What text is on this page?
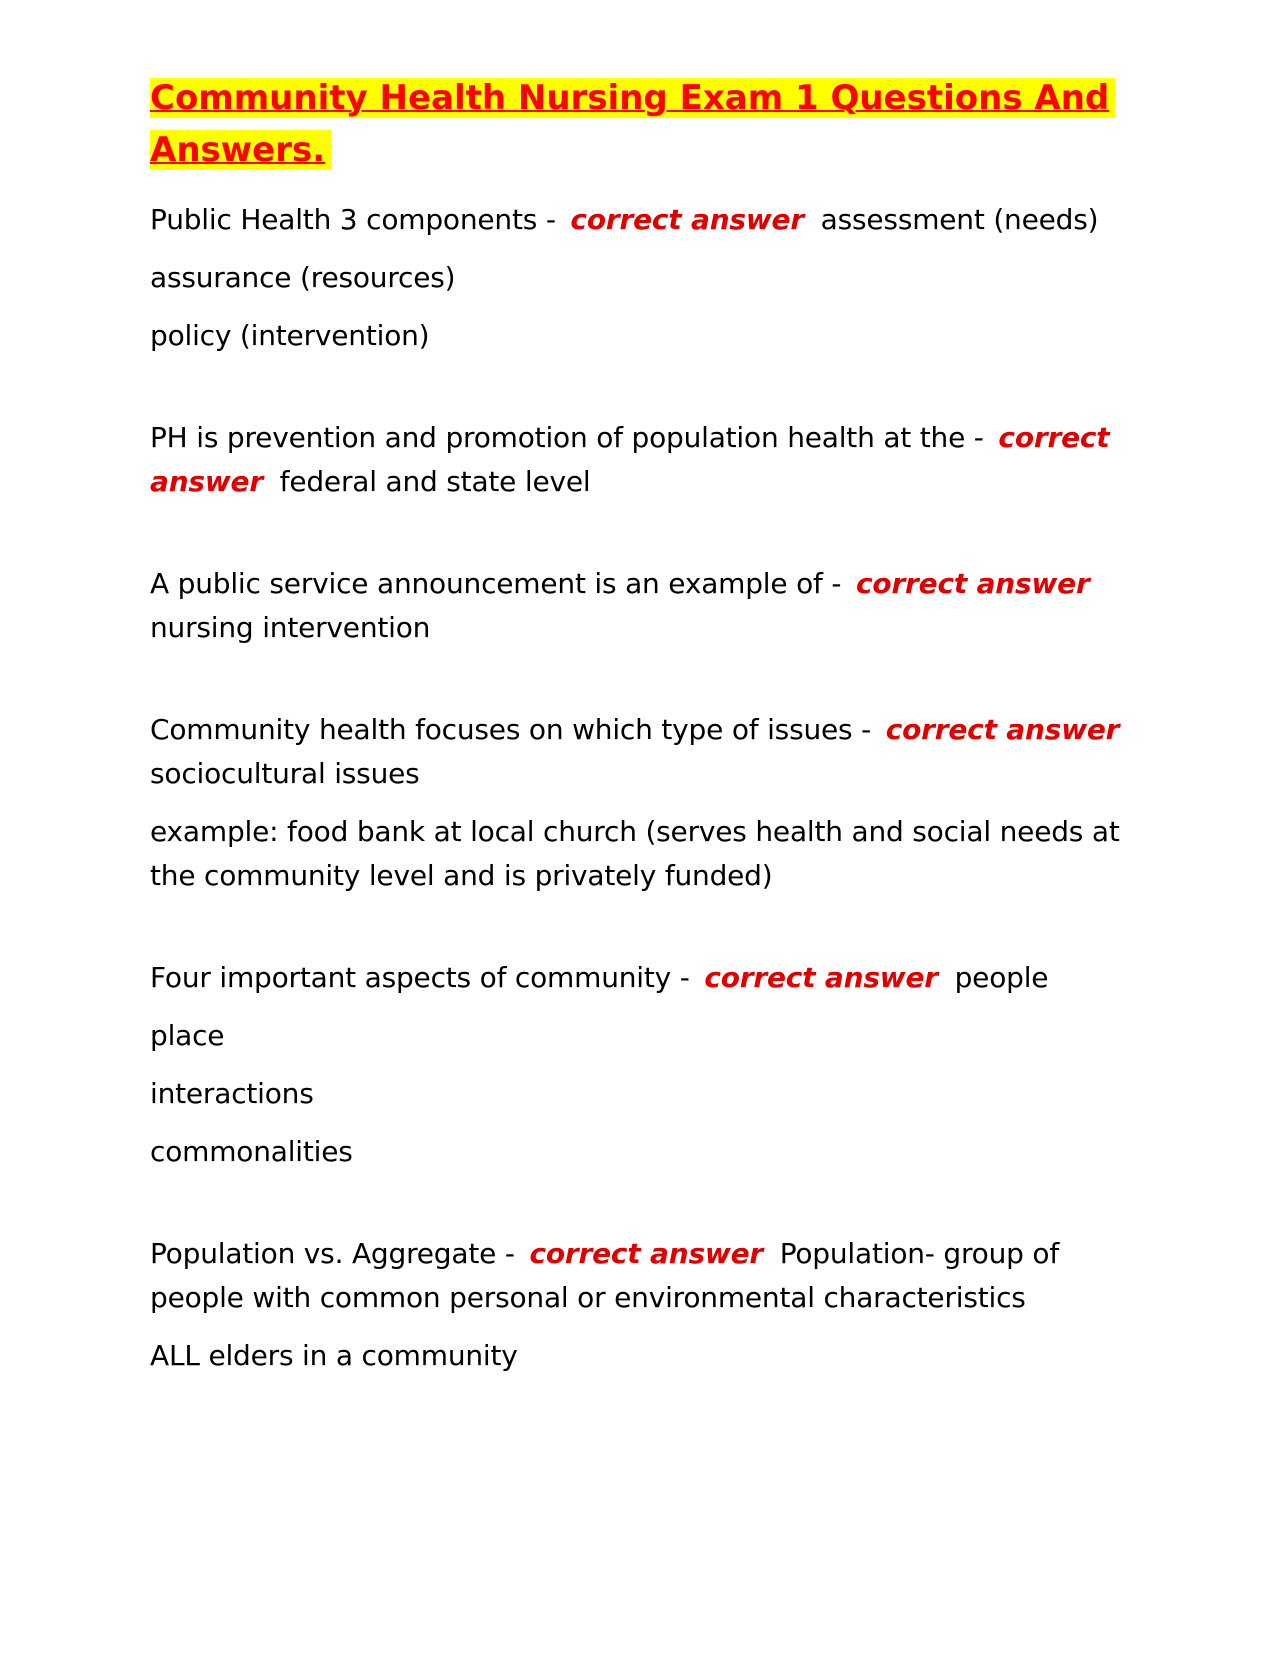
Community Health Nursing Exam 1 Questions And Answers.

Public Health 3 components - correct answer assessment (needs)

assurance (resources)

policy (intervention)

PH is prevention and promotion of population health at the - correct answer federal and state level

A public service announcement is an example of - correct answer nursing intervention

Community health focuses on which type of issues - correct answer sociocultural issues

example: food bank at local church (serves health and social needs at the community level and is privately funded)

Four important aspects of community - correct answer people

place

interactions

commonalities

Population vs. Aggregate - correct answer Population- group of people with common personal or environmental characteristics

ALL elders in a community
